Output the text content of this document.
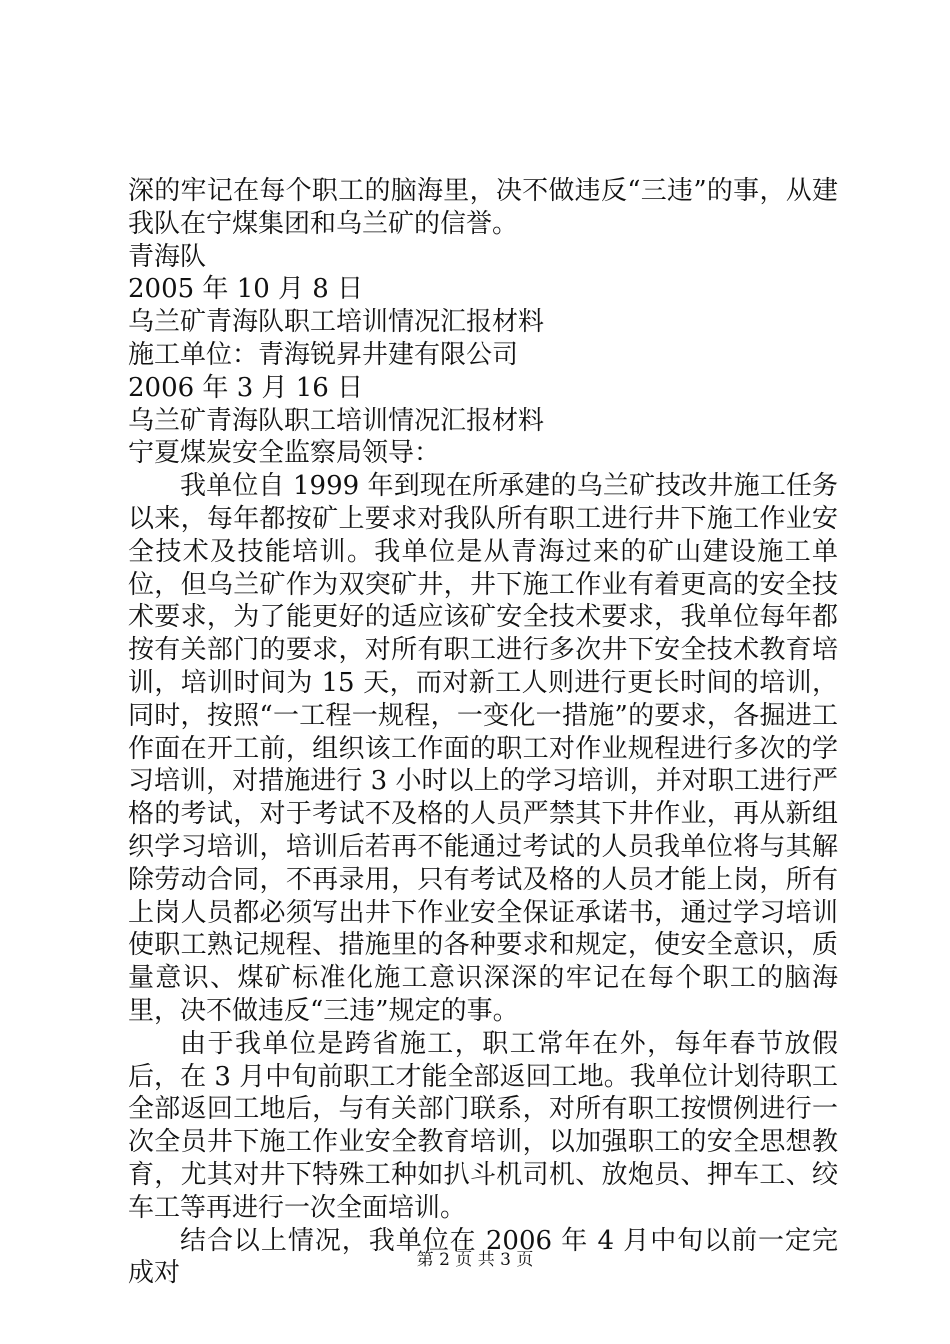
深的牢记在每个职工的脑海里，决不做违反“三违”的事，从建我队在宁煤集团和乌兰矿的信誉。

青海队

2005 年 10 月 8 日

乌兰矿青海队职工培训情况汇报材料

施工单位：青海锐昇井建有限公司

2006 年 3 月 16 日

乌兰矿青海队职工培训情况汇报材料

宁夏煤炭安全监察局领导：

我单位自 1999 年到现在所承建的乌兰矿技改井施工任务以来，每年都按矿上要求对我队所有职工进行井下施工作业安全技术及技能培训。我单位是从青海过来的矿山建设施工单位，但乌兰矿作为双突矿井，井下施工作业有着更高的安全技术要求，为了能更好的适应该矿安全技术要求，我单位每年都按有关部门的要求，对所有职工进行多次井下安全技术教育培训，培训时间为 15 天，而对新工人则进行更长时间的培训，同时，按照“一工程一规程，一变化一措施”的要求，各掘进工作面在开工前，组织该工作面的职工对作业规程进行多次的学习培训，对措施进行 3 小时以上的学习培训，并对职工进行严格的考试，对于考试不及格的人员严禁其下井作业，再从新组织学习培训，培训后若再不能通过考试的人员我单位将与其解除劳动合同，不再录用，只有考试及格的人员才能上岗，所有上岗人员都必须写出井下作业安全保证承诺书，通过学习培训使职工熟记规程、措施里的各种要求和规定，使安全意识，质量意识、煤矿标准化施工意识深深的牢记在每个职工的脑海里，决不做违反“三违”规定的事。

由于我单位是跨省施工，职工常年在外，每年春节放假后，在 3 月中旬前职工才能全部返回工地。我单位计划待职工全部返回工地后，与有关部门联系，对所有职工按惯例进行一次全员井下施工作业安全教育培训，以加强职工的安全思想教育，尤其对井下特殊工种如扒斗机司机、放炮员、押车工、绞车工等再进行一次全面培训。

结合以上情况，我单位在 2006 年 4 月中旬以前一定完成对	第 2 页 共 3 页
